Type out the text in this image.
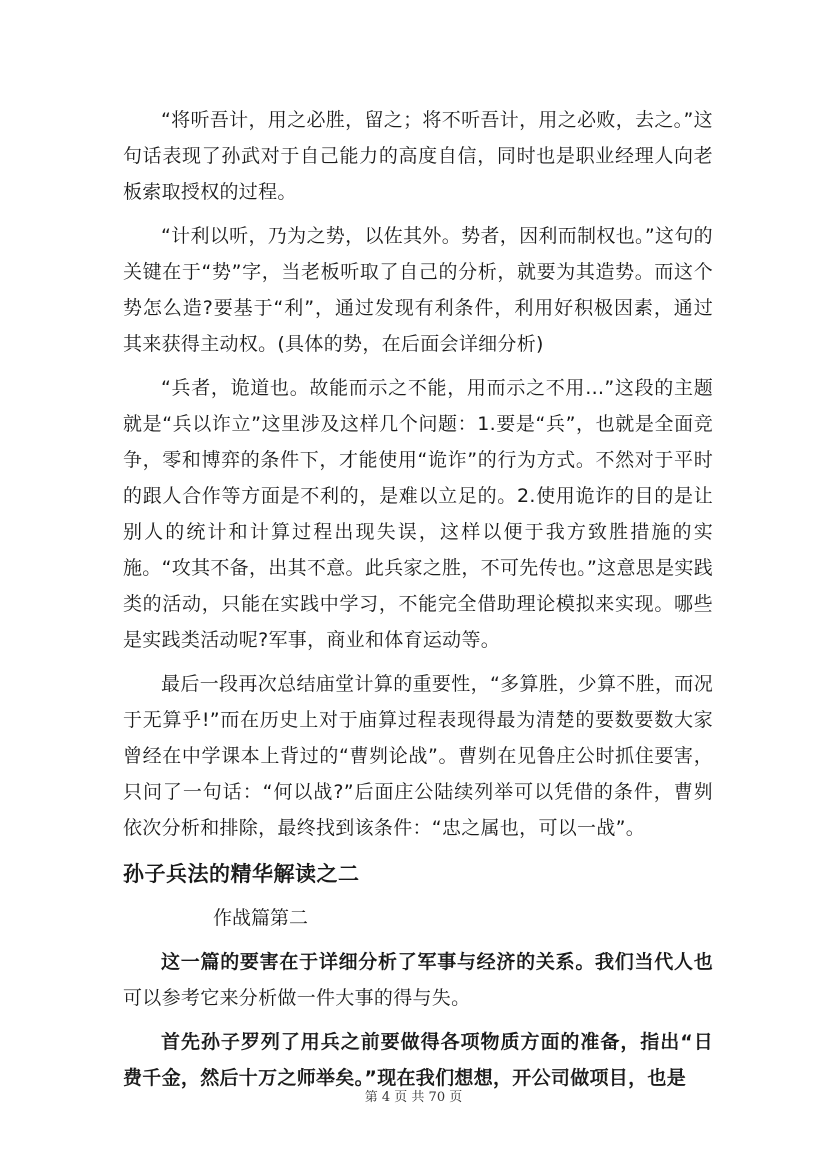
“将听吾计，用之必胜，留之；将不听吾计，用之必败，去之。”这句话表现了孙武对于自己能力的高度自信，同时也是职业经理人向老板索取授权的过程。

“计利以听，乃为之势，以佐其外。势者，因利而制权也。”这句的关键在于“势”字，当老板听取了自己的分析，就要为其造势。而这个势怎么造?要基于“利”，通过发现有利条件，利用好积极因素，通过其来获得主动权。(具体的势，在后面会详细分析)

“兵者，诡道也。故能而示之不能，用而示之不用…”这段的主题就是“兵以诈立”这里涉及这样几个问题：1.要是“兵”，也就是全面竞争，零和博弈的条件下，才能使用“诡诈”的行为方式。不然对于平时的跟人合作等方面是不利的，是难以立足的。2.使用诡诈的目的是让别人的统计和计算过程出现失误，这样以便于我方致胜措施的实施。“攻其不备，出其不意。此兵家之胜，不可先传也。”这意思是实践类的活动，只能在实践中学习，不能完全借助理论模拟来实现。哪些是实践类活动呢?军事，商业和体育运动等。

最后一段再次总结庙堂计算的重要性，“多算胜，少算不胜，而况于无算乎!”而在历史上对于庙算过程表现得最为清楚的要数要数大家曾经在中学课本上背过的“曹刿论战”。曹刿在见鲁庄公时抓住要害，只问了一句话：“何以战?”后面庄公陆续列举可以凭借的条件，曹刿依次分析和排除，最终找到该条件：“忠之属也，可以一战”。

孙子兵法的精华解读之二
作战篇第二

这一篇的要害在于详细分析了军事与经济的关系。我们当代人也可以参考它来分析做一件大事的得与失。

首先孙子罗列了用兵之前要做得各项物质方面的准备，指出“日费千金，然后十万之师举矣。”现在我们想想，开公司做项目，也是

第 4 页 共 70 页
